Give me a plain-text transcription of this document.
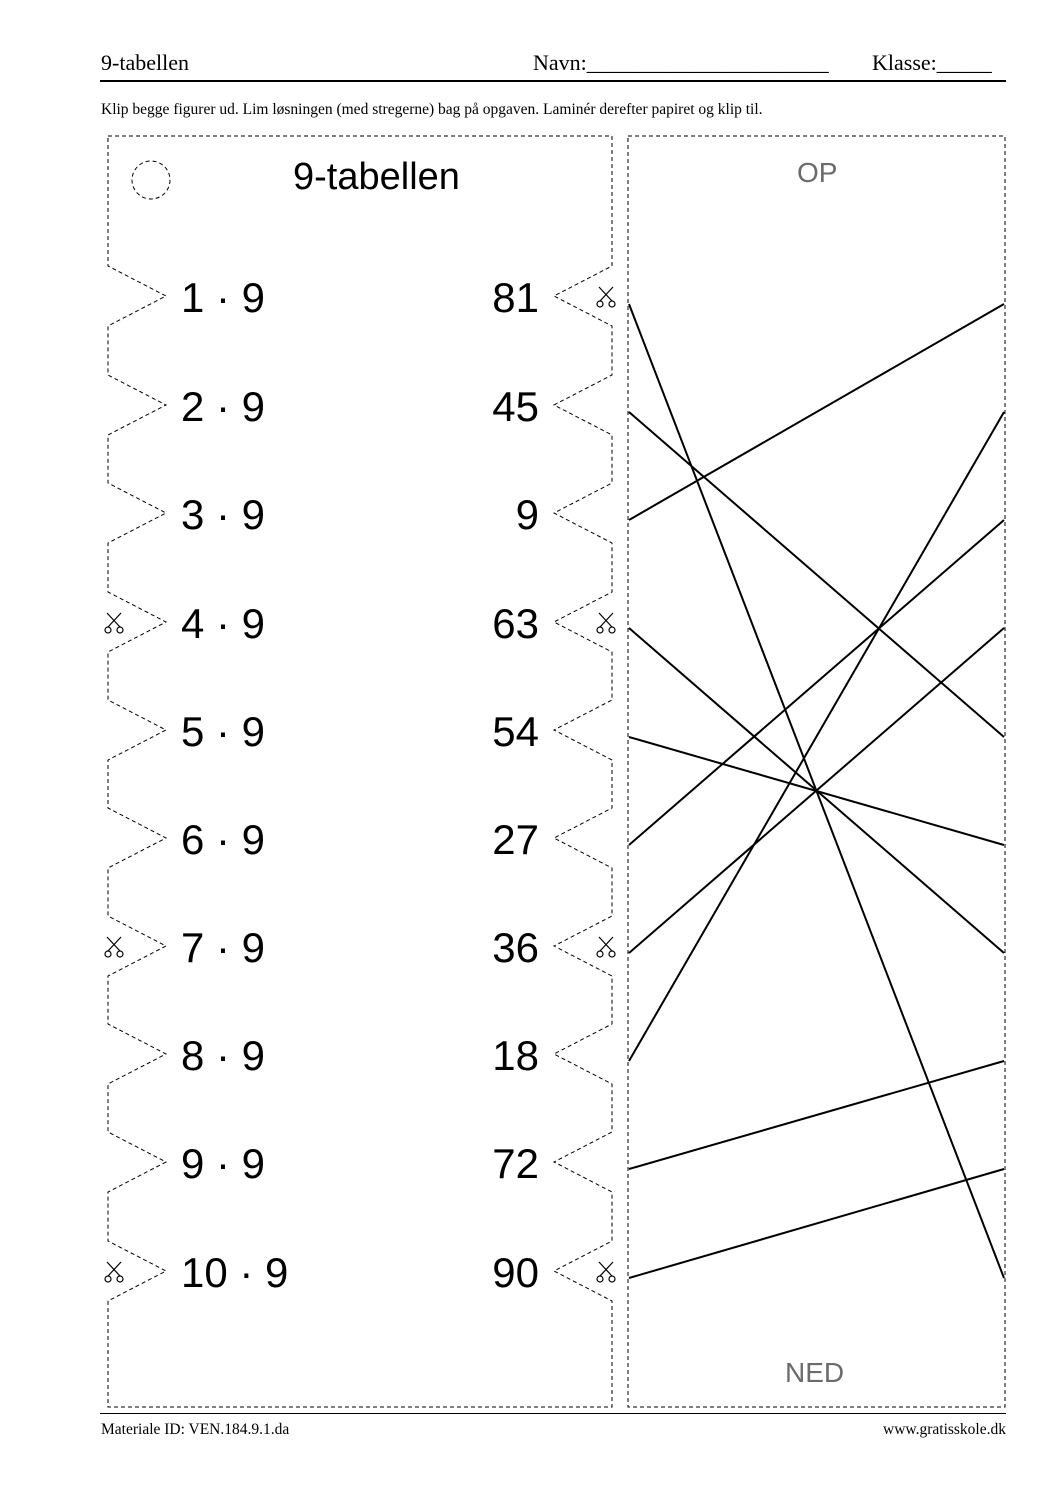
9-tabellen	Navn:______________________ Klasse:_____
Klip begge figurer ud. Lim løsningen (med stregerne) bag på opgaven. Laminér derefter papiret og klip til.
9-tabellen
1 · 9
2 · 9
3 · 9
4 · 9
5 · 9
6 · 9
7 · 9
8 · 9
9 · 9
10 · 9
81
45
9
63
54
27
36
18
72
90
OP
NED
Materiale ID: VEN.184.9.1.da	www.gratisskole.dk
